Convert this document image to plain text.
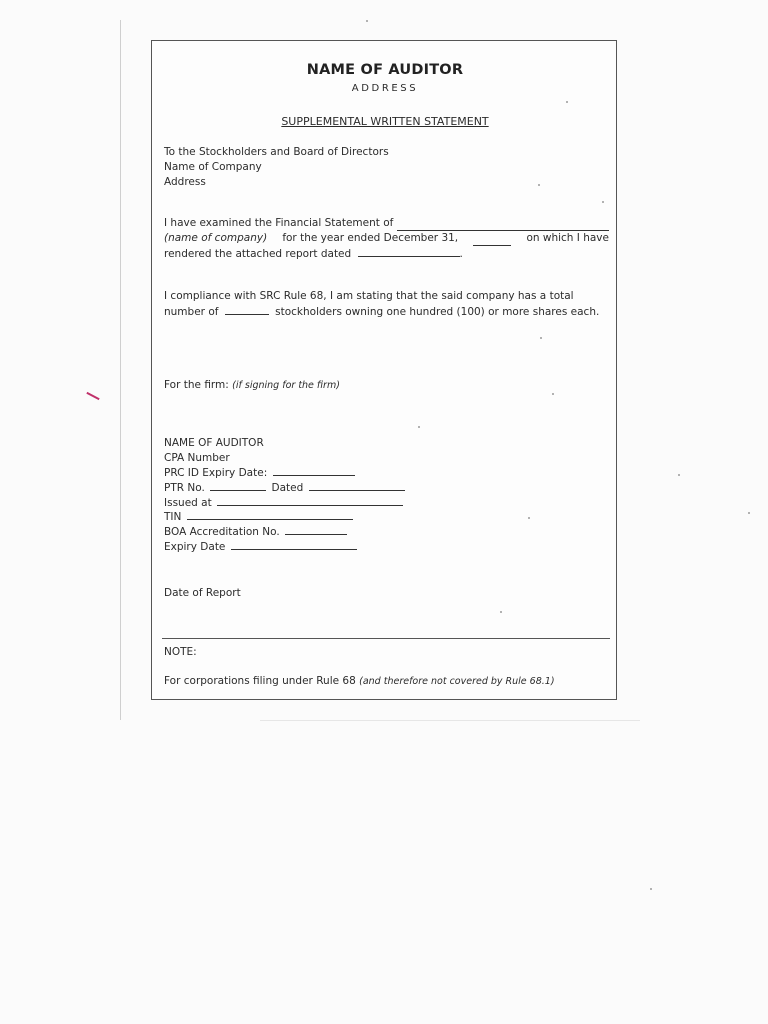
NAME OF AUDITOR
ADDRESS
SUPPLEMENTAL WRITTEN STATEMENT
To the Stockholders and Board of Directors
Name of Company
Address
I have examined the Financial Statement of
(name of company) for the year ended December 31,	on which I have
rendered the attached report dated	.
I compliance with SRC Rule 68, I am stating that the said company has a total
number of	stockholders owning one hundred (100) or more shares each.
For the firm: (if signing for the firm)
NAME OF AUDITOR
CPA Number
PRC ID Expiry Date:
PTR No.	Dated
Issued at
TIN
BOA Accreditation No.
Expiry Date
Date of Report
NOTE:
For corporations filing under Rule 68 (and therefore not covered by Rule 68.1)
